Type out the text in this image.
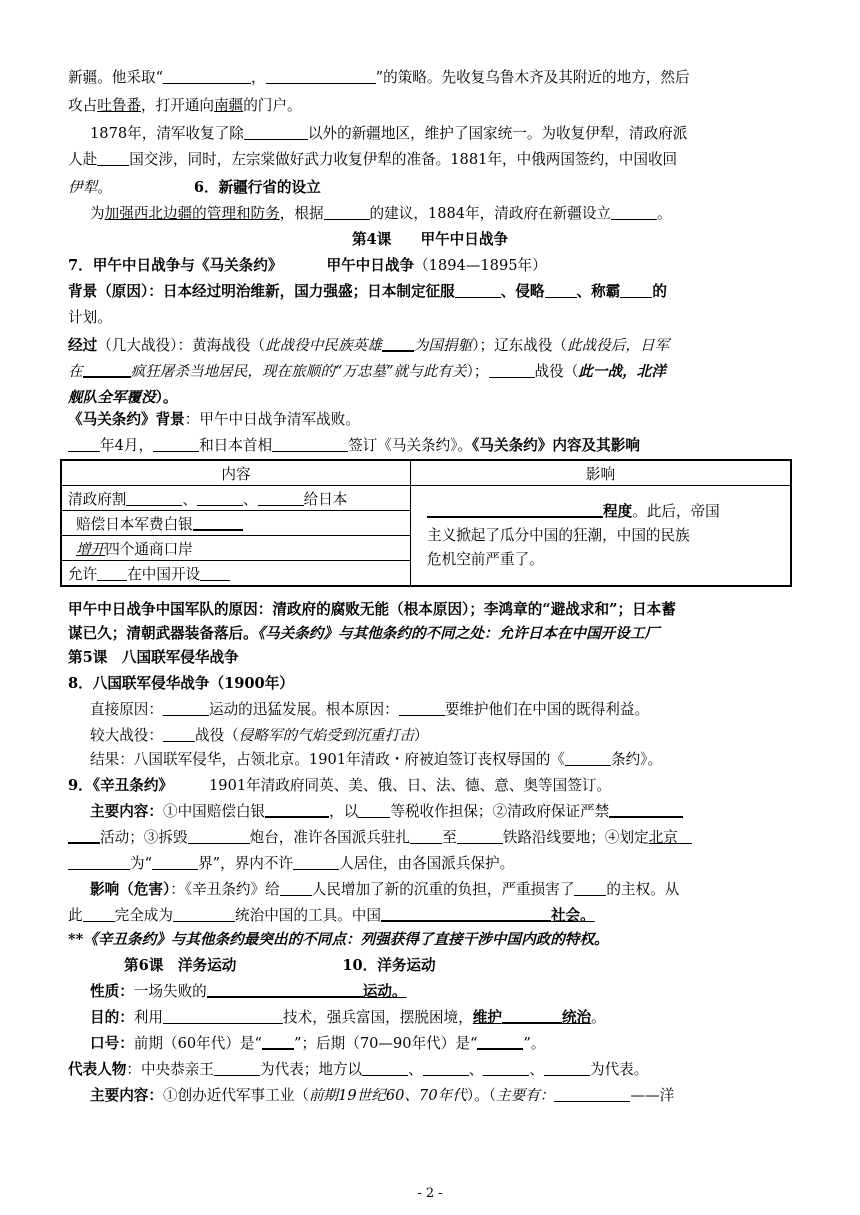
新疆。他采取“	，	”的策略。先收复乌鲁木齐及其附近的地方，然后
攻占吐鲁番，打开通向南疆的门户。
1878年，清军收复了除	以外的新疆地区，维护了国家统一。为收复伊犁，清政府派
人赴 国交涉，同时，左宗棠做好武力收复伊犁的准备。1881年，中俄两国签约，中国收回
伊犁。	6．新疆行省的设立
为加强西北边疆的管理和防务，根据	的建议，1884年，清政府在新疆设立	。
第4课　　甲午中日战争
7．甲午中日战争与《马关条约》	甲午中日战争（1894—1895年）
背景（原因）：日本经过明治维新，国力强盛；日本制定征服	、侵略 、称霸 的
计划。
经过（几大战役）：黄海战役（此战役中民族英雄 为国捐躯）；辽东战役（此战役后，日军
在	疯狂屠杀当地居民，现在旅顺的“万忠墓”就与此有关）；	战役（此一战，北洋
舰队全军覆没）。
《马关条约》背景：甲午中日战争清军战败。
年4月，	和日本首相	签订《马关条约》。《马关条约》内容及其影响
内容	影响
清政府割 、 、 给日本	程度。此后，帝国
主义掀起了瓜分中国的狂潮，中国的民族
危机空前严重了。

赔偿日本军费白银	
增开四个通商口岸	
允许 在中国开设	
甲午中日战争中国军队的原因：清政府的腐败无能（根本原因）；李鸿章的“避战求和”；日本蓄
谋已久；清朝武器装备落后。《马关条约》与其他条约的不同之处：允许日本在中国开设工厂
第5课　八国联军侵华战争
8．八国联军侵华战争（1900年）
直接原因：	运动的迅猛发展。根本原因：	要维护他们在中国的既得利益。
较大战役： 战役（侵略军的气焰受到沉重打击）
结果：八国联军侵华，占领北京。1901年清政・府被迫签订丧权辱国的《	条约》。
9．《辛丑条约》 1901年清政府同英、美、俄、日、法、德、意、奥等国签订。
主要内容：①中国赔偿白银	，以 等税收作担保；②清政府保证严禁
活动；③拆毁	炮台，准许各国派兵驻扎 至	铁路沿线要地；④划定北京
为“	界”，界内不许	人居住，由各国派兵保护。
影响（危害）：《辛丑条约》给 人民增加了新的沉重的负担，严重损害了 的主权。从
此 完全成为	统治中国的工具。中国	社会。
**《辛丑条约》与其他条约最突出的不同点：列强获得了直接干涉中国内政的特权。
第6课　洋务运动	10．洋务运动
性质：一场失败的	运动。
目的：利用	技术，强兵富国，摆脱困境，维护	统治。
口号：前期（60年代）是“ ”；后期（70—90年代）是“	”。
代表人物：中央恭亲王	为代表；地方以	、	、	、	为代表。
主要内容：①创办近代军事工业（前期19世纪60、70年代）。（主要有：	——洋
- 2 -
